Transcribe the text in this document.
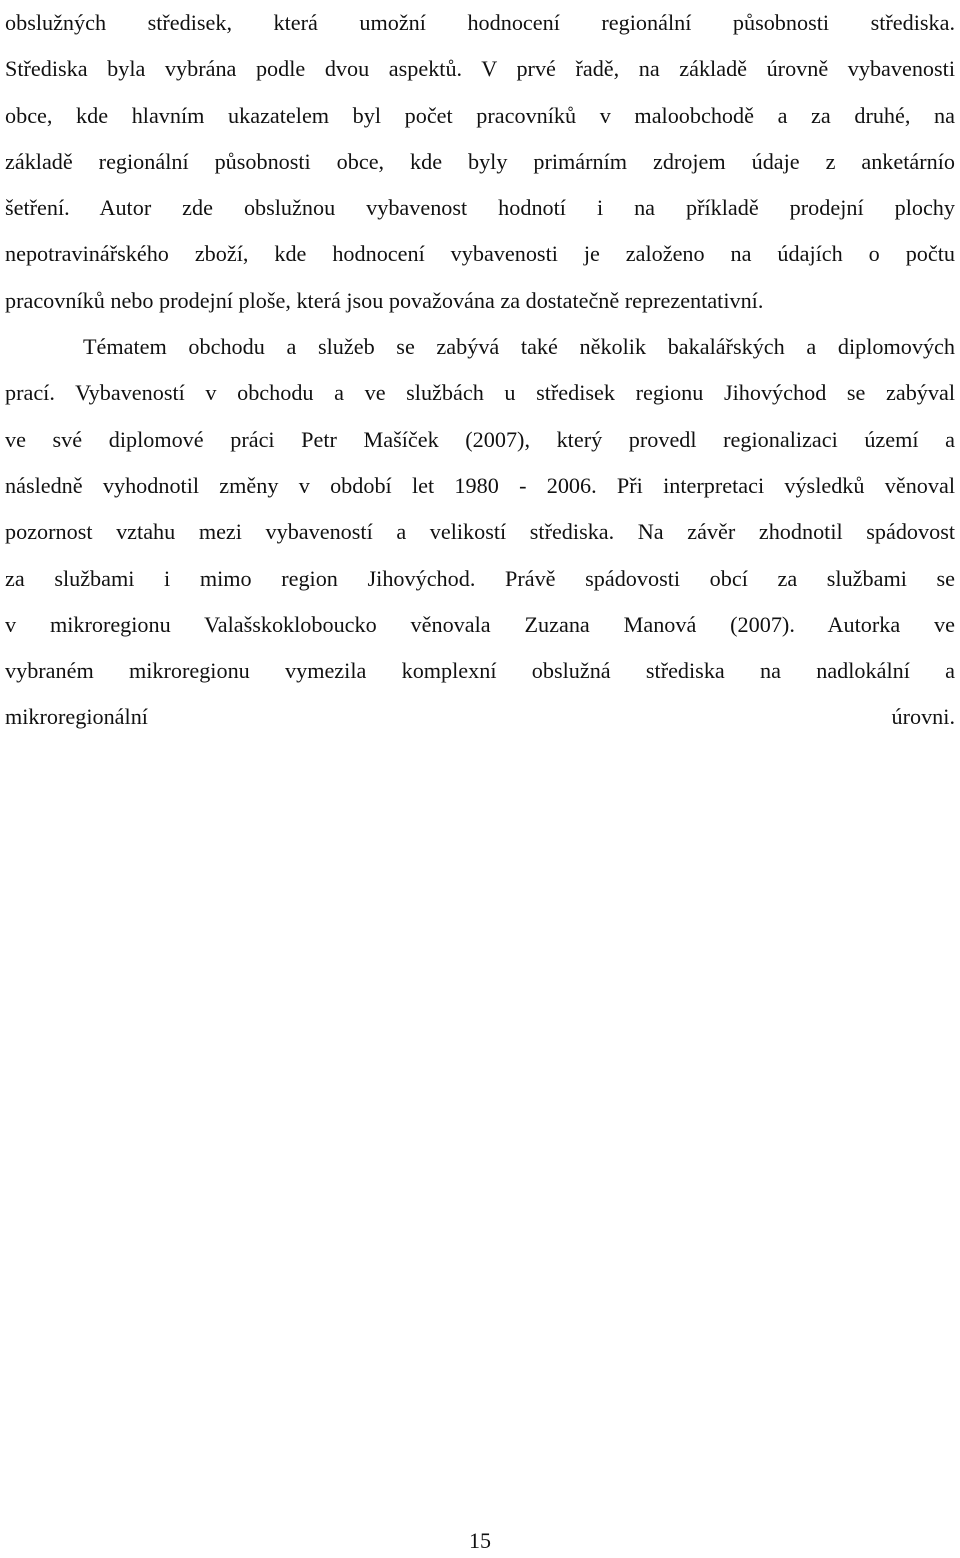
obslužných středisek, která umožní hodnocení regionální působnosti střediska.
Střediska byla vybrána podle dvou aspektů. V prvé řadě, na základě úrovně vybavenosti
obce, kde hlavním ukazatelem byl počet pracovníků v maloobchodě a za druhé, na
základě regionální působnosti obce, kde byly primárním zdrojem údaje z anketárnío
šetření. Autor zde obslužnou vybavenost hodnotí i na příkladě prodejní plochy
nepotravinářského zboží, kde hodnocení vybavenosti je založeno na údajích o počtu
pracovníků nebo prodejní ploše, která jsou považována za dostatečně reprezentativní.

Tématem obchodu a služeb se zabývá také několik bakalářských a diplomových
prací. Vybaveností v obchodu a ve službách u středisek regionu Jihovýchod se zabýval
ve své diplomové práci Petr Mašíček (2007), který provedl regionalizaci území a
následně vyhodnotil změny v období let 1980 - 2006. Při interpretaci výsledků věnoval
pozornost vztahu mezi vybaveností a velikostí střediska. Na závěr zhodnotil spádovost
za službami i mimo region Jihovýchod. Právě spádovosti obcí za službami se
v mikroregionu Valašskokloboucko věnovala Zuzana Manová (2007). Autorka ve
vybraném mikroregionu vymezila komplexní obslužná střediska na nadlokální a
mikroregionální úrovni.

15
